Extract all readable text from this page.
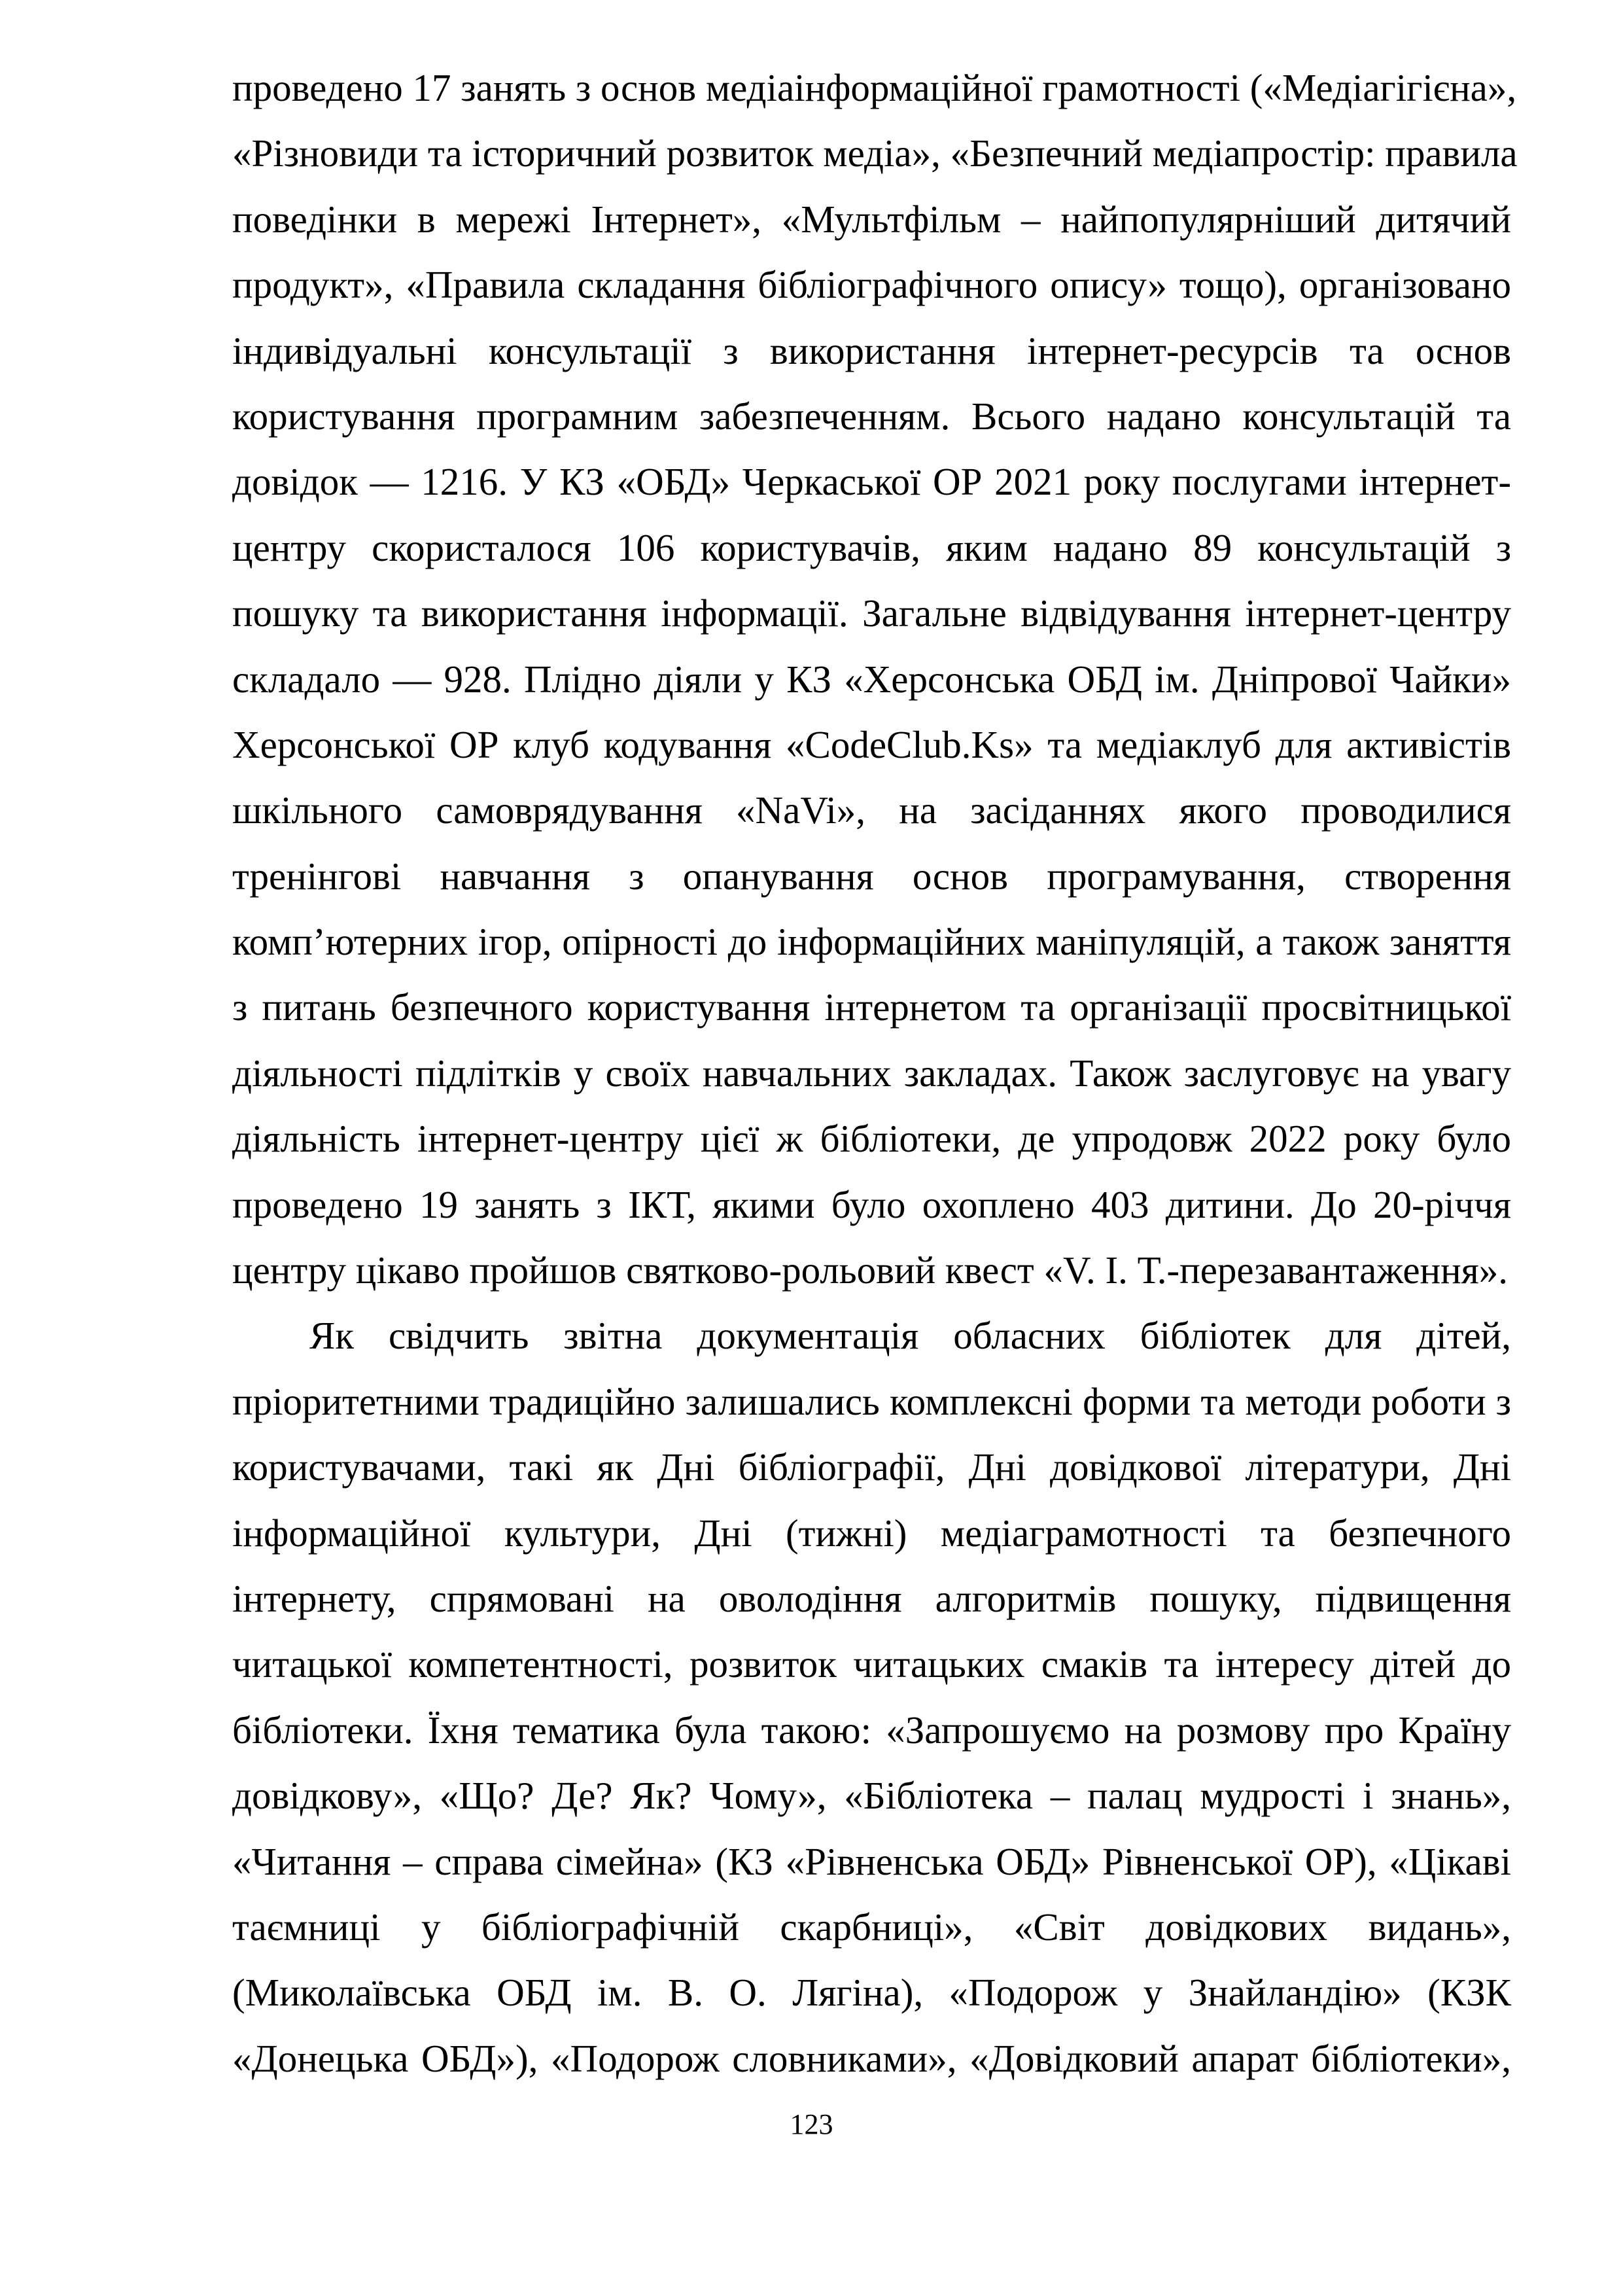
проведено 17 занять з основ медіаінформаційної грамотності («Медіагігієна»,
«Різновиди та історичний розвиток медіа», «Безпечний медіапростір: правила
поведінки в мережі Інтернет», «Мультфільм – найпопулярніший дитячий
продукт», «Правила складання бібліографічного опису» тощо), організовано
індивідуальні консультації з використання інтернет-ресурсів та основ
користування програмним забезпеченням. Всього надано консультацій та
довідок — 1216. У КЗ «ОБД» Черкаської ОР 2021 року послугами інтернет-
центру скористалося 106 користувачів, яким надано 89 консультацій з
пошуку та використання інформації. Загальне відвідування інтернет-центру
складало — 928. Плідно діяли у КЗ «Херсонська ОБД ім. Дніпрової Чайки»
Херсонської ОР клуб кодування «CodeClub.Ks» та медіаклуб для активістів
шкільного самоврядування «NaVi», на засіданнях якого проводилися
тренінгові навчання з опанування основ програмування, створення
комп’ютерних ігор, опірності до інформаційних маніпуляцій, а також заняття
з питань безпечного користування інтернетом та організації просвітницької
діяльності підлітків у своїх навчальних закладах. Також заслуговує на увагу
діяльність інтернет-центру цієї ж бібліотеки, де упродовж 2022 року було
проведено 19 занять з ІКТ, якими було охоплено 403 дитини. До 20-річчя
центру цікаво пройшов святково-рольовий квест «V. І. Т.-перезавантаження».
Як свідчить звітна документація обласних бібліотек для дітей,
пріоритетними традиційно залишались комплексні форми та методи роботи з
користувачами, такі як Дні бібліографії, Дні довідкової літератури, Дні
інформаційної культури, Дні (тижні) медіаграмотності та безпечного
інтернету, спрямовані на оволодіння алгоритмів пошуку, підвищення
читацької компетентності, розвиток читацьких смаків та інтересу дітей до
бібліотеки. Їхня тематика була такою: «Запрошуємо на розмову про Країну
довідкову», «Що? Де? Як? Чому», «Бібліотека – палац мудрості і знань»,
«Читання – справа сімейна» (КЗ «Рівненська ОБД» Рівненської ОР), «Цікаві
таємниці у бібліографічній скарбниці», «Світ довідкових видань»,
(Миколаївська ОБД ім. В. О. Лягіна), «Подорож у Знайландію» (КЗК
«Донецька ОБД»), «Подорож словниками», «Довідковий апарат бібліотеки»,
123
